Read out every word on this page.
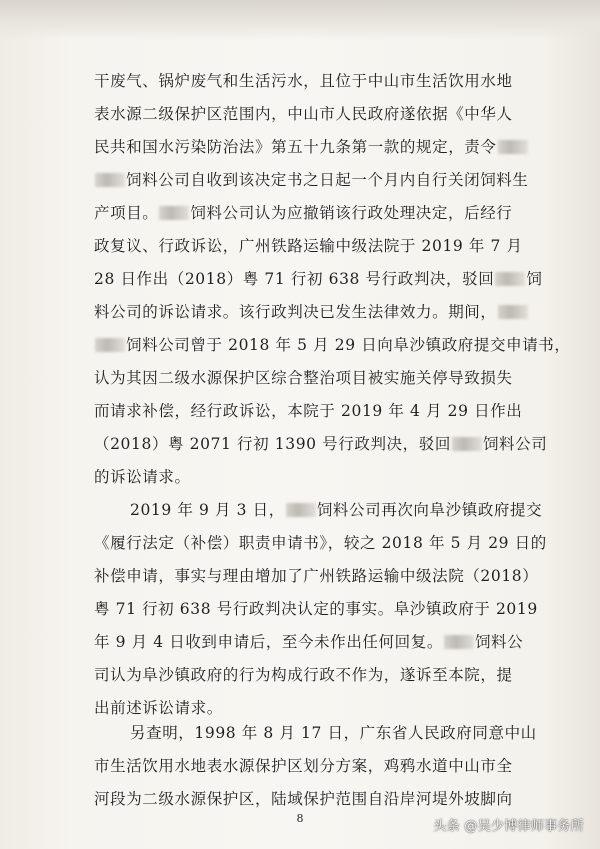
干废气、锅炉废气和生活污水，且位于中山市生活饮用水地
表水源二级保护区范围内，中山市人民政府遂依据《中华人
民共和国水污染防治法》第五十九条第一款的规定，责令
饲料公司自收到该决定书之日起一个月内自行关闭饲料生
产项目。 饲料公司认为应撤销该行政处理决定，后经行
政复议、行政诉讼，广州铁路运输中级法院于 2019 年 7 月
28 日作出（2018）粤 71 行初 638 号行政判决，驳回 饲
料公司的诉讼请求。该行政判决已发生法律效力。期间，
饲料公司曾于 2018 年 5 月 29 日向阜沙镇政府提交申请书，
认为其因二级水源保护区综合整治项目被实施关停导致损失
而请求补偿，经行政诉讼，本院于 2019 年 4 月 29 日作出
（2018）粤 2071 行初 1390 号行政判决，驳回 饲料公司
的诉讼请求。
2019 年 9 月 3 日， 饲料公司再次向阜沙镇政府提交
《履行法定（补偿）职责申请书》，较之 2018 年 5 月 29 日的
补偿申请，事实与理由增加了广州铁路运输中级法院（2018）
粤 71 行初 638 号行政判决认定的事实。阜沙镇政府于 2019
年 9 月 4 日收到申请后，至今未作出任何回复。 饲料公
司认为阜沙镇政府的行为构成行政不作为，遂诉至本院，提
出前述诉讼请求。
另查明，1998 年 8 月 17 日，广东省人民政府同意中山
市生活饮用水地表水源保护区划分方案，鸡鸦水道中山市全
河段为二级水源保护区，陆域保护范围自沿岸河堤外坡脚向
8
头条 @吴少博律师事务所
